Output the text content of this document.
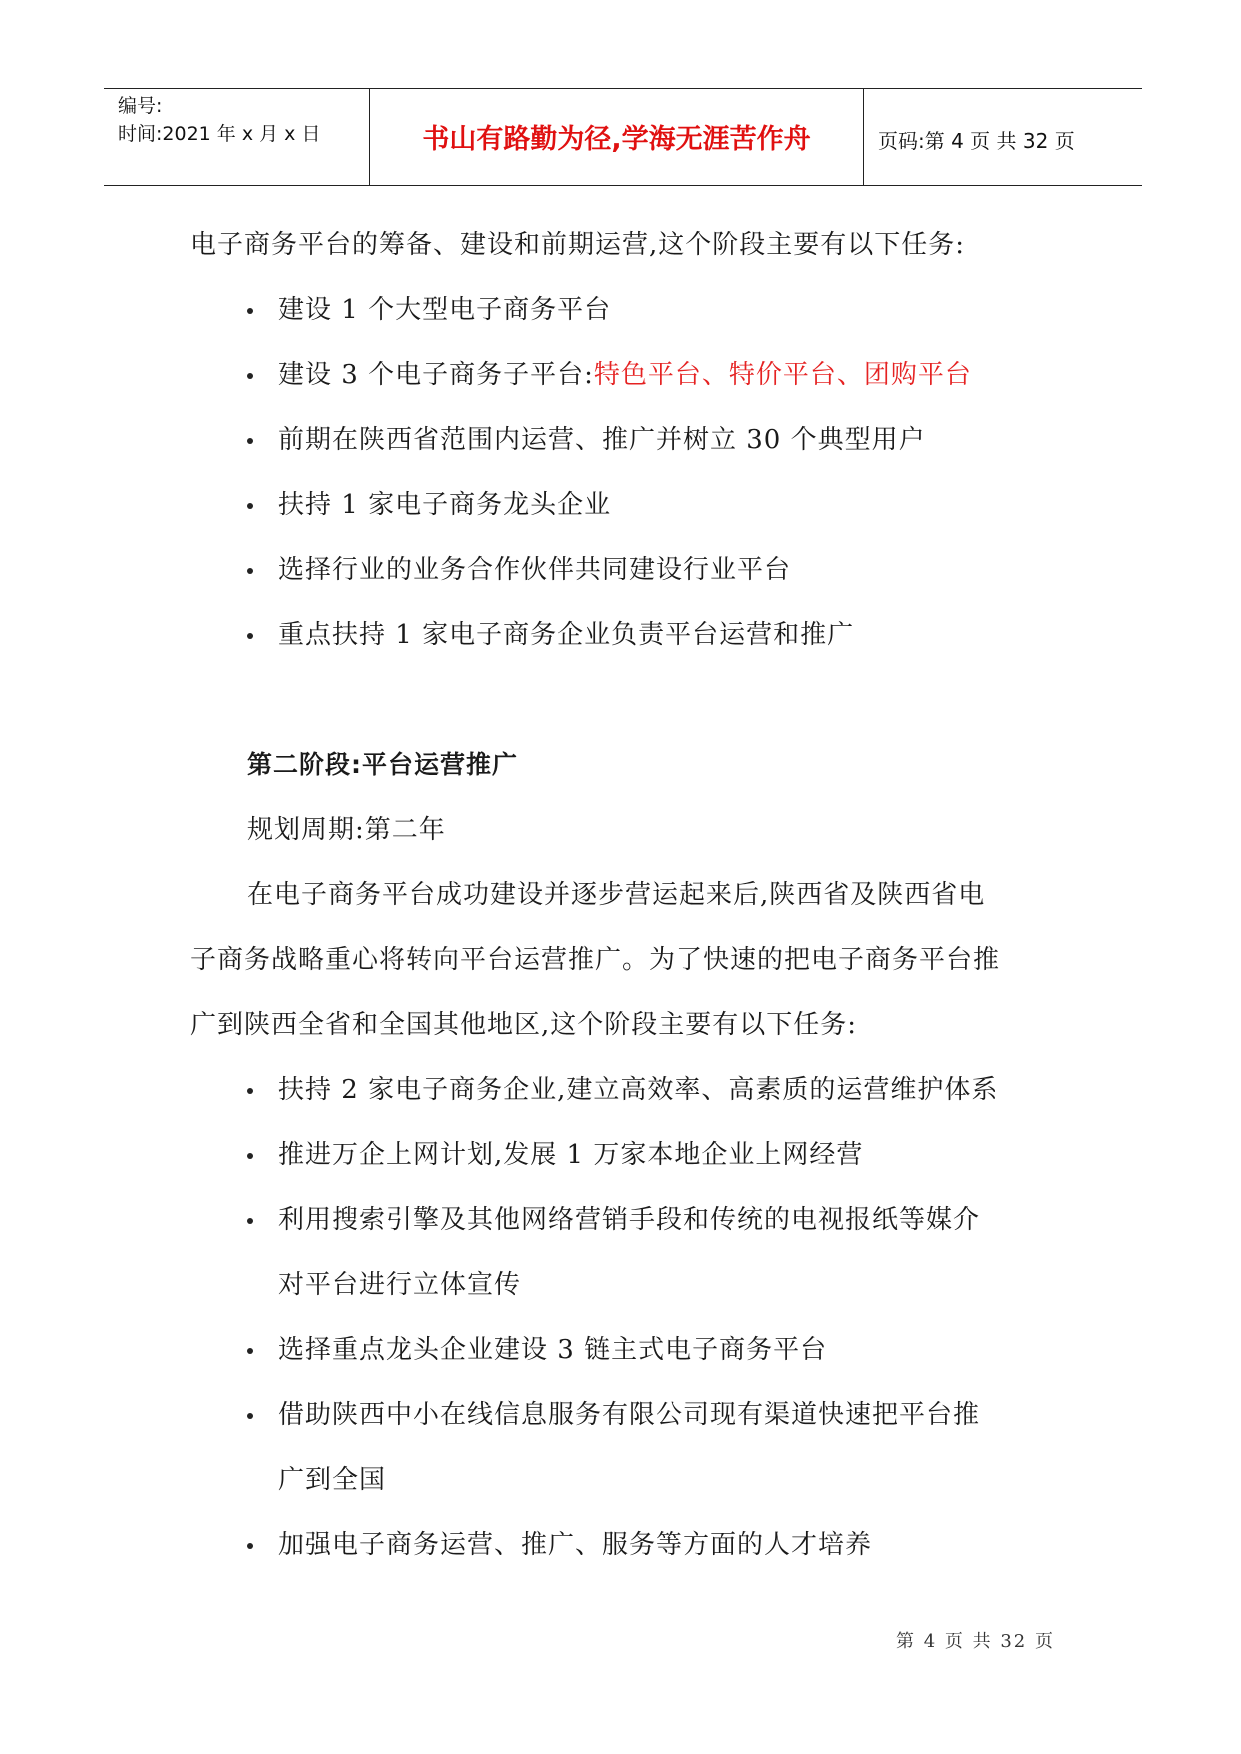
编号:
时间:2021 年 x 月 x 日	书山有路勤为径,学海无涯苦作舟	页码:第 4 页 共 32 页
电子商务平台的筹备、建设和前期运营,这个阶段主要有以下任务:
建设 1 个大型电子商务平台
建设 3 个电子商务子平台:特色平台、特价平台、团购平台
前期在陕西省范围内运营、推广并树立 30 个典型用户
扶持 1 家电子商务龙头企业
选择行业的业务合作伙伴共同建设行业平台
重点扶持 1 家电子商务企业负责平台运营和推广
第二阶段:平台运营推广
规划周期:第二年
在电子商务平台成功建设并逐步营运起来后,陕西省及陕西省电
子商务战略重心将转向平台运营推广。为了快速的把电子商务平台推
广到陕西全省和全国其他地区,这个阶段主要有以下任务:
扶持 2 家电子商务企业,建立高效率、高素质的运营维护体系
推进万企上网计划,发展 1 万家本地企业上网经营
利用搜索引擎及其他网络营销手段和传统的电视报纸等媒介
对平台进行立体宣传
选择重点龙头企业建设 3 链主式电子商务平台
借助陕西中小在线信息服务有限公司现有渠道快速把平台推
广到全国
加强电子商务运营、推广、服务等方面的人才培养
第 4 页 共 32 页
